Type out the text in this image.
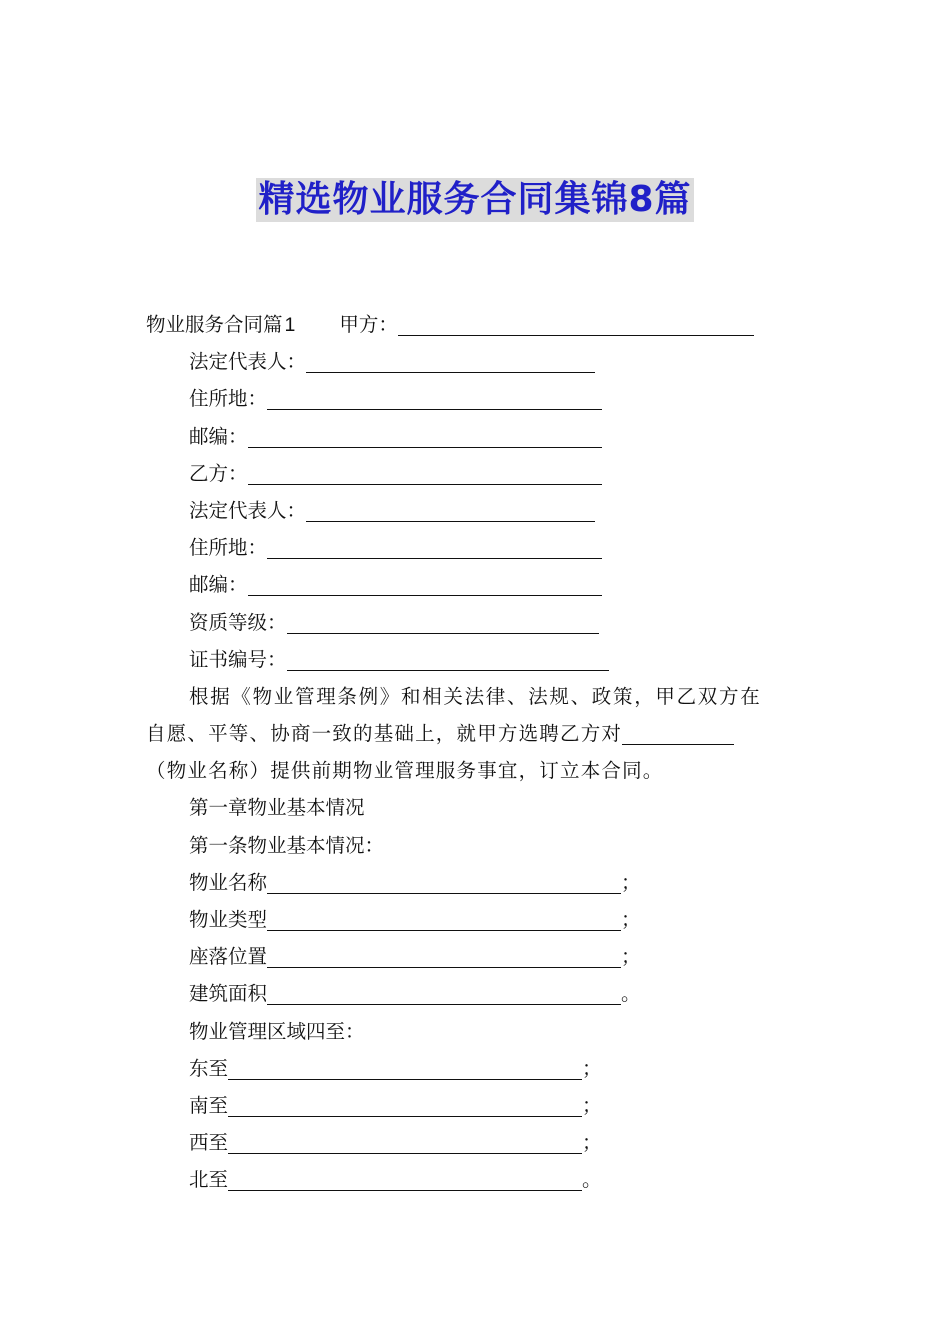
精选物业服务合同集锦8篇
物业服务合同篇 1 甲方：
法定代表人：
住所地：
邮编：
乙方：
法定代表人：
住所地：
邮编：
资质等级：
证书编号：
根据《物业管理条例》和相关法律、法规、政策，甲乙双方在
自愿、平等、协商一致的基础上，就甲方选聘乙方对
（物业名称）提供前期物业管理服务事宜，订立本合同。
第一章物业基本情况
第一条物业基本情况：
物业名称	；
物业类型	；
座落位置	；
建筑面积	。
物业管理区域四至：
东至	；
南至	；
西至	；
北至	。
